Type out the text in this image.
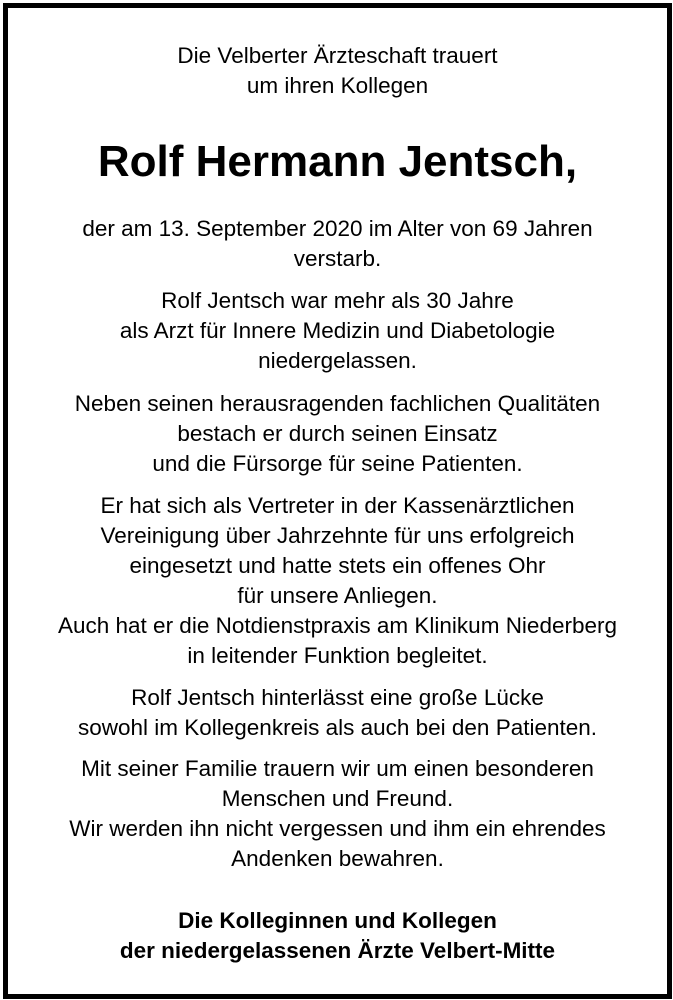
Die Velberter Ärzteschaft trauert
um ihren Kollegen
Rolf Hermann Jentsch,
der am 13. September 2020 im Alter von 69 Jahren
verstarb.
Rolf Jentsch war mehr als 30 Jahre
als Arzt für Innere Medizin und Diabetologie
niedergelassen.
Neben seinen herausragenden fachlichen Qualitäten
bestach er durch seinen Einsatz
und die Fürsorge für seine Patienten.
Er hat sich als Vertreter in der Kassenärztlichen
Vereinigung über Jahrzehnte für uns erfolgreich
eingesetzt und hatte stets ein offenes Ohr
für unsere Anliegen.
Auch hat er die Notdienstpraxis am Klinikum Niederberg
in leitender Funktion begleitet.
Rolf Jentsch hinterlässt eine große Lücke
sowohl im Kollegenkreis als auch bei den Patienten.
Mit seiner Familie trauern wir um einen besonderen
Menschen und Freund.
Wir werden ihn nicht vergessen und ihm ein ehrendes
Andenken bewahren.
Die Kolleginnen und Kollegen
der niedergelassenen Ärzte Velbert-Mitte
